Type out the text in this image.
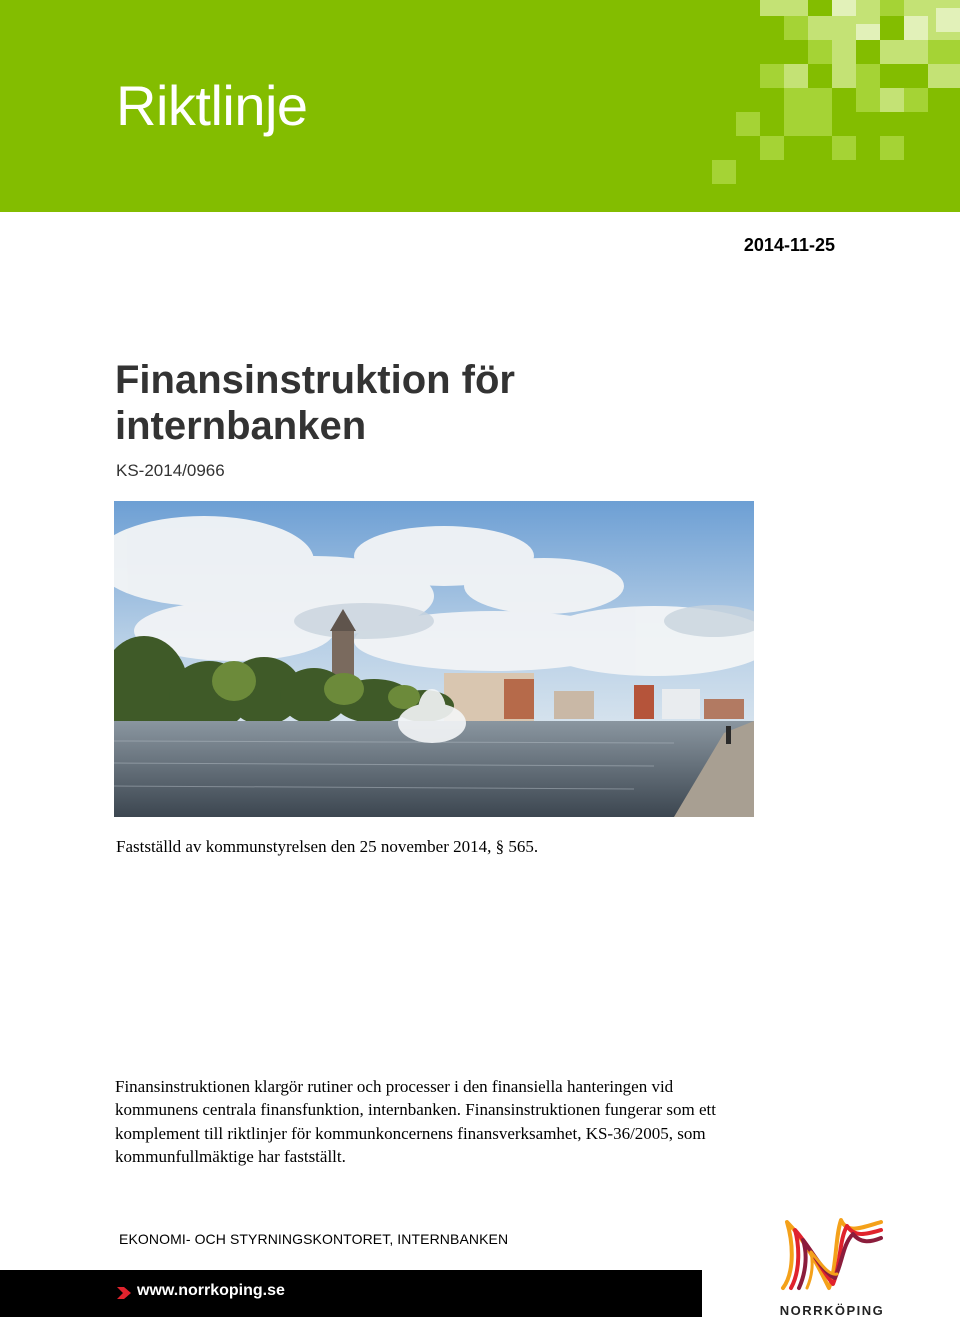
Riktlinje
2014-11-25
Finansinstruktion för
internbanken
KS-2014/0966
Fastställd av kommunstyrelsen den 25 november 2014, § 565.

Finansinstruktionen klargör rutiner och processer i den finansiella hanteringen vid kommunens centrala finansfunktion, internbanken. Finansinstruktionen fungerar som ett komplement till riktlinjer för kommunkoncernens finansverksamhet, KS-36/2005, som kommunfullmäktige har fastställt.

EKONOMI- OCH STYRNINGSKONTORET, INTERNBANKEN
www.norrkoping.se
NORRKÖPING
